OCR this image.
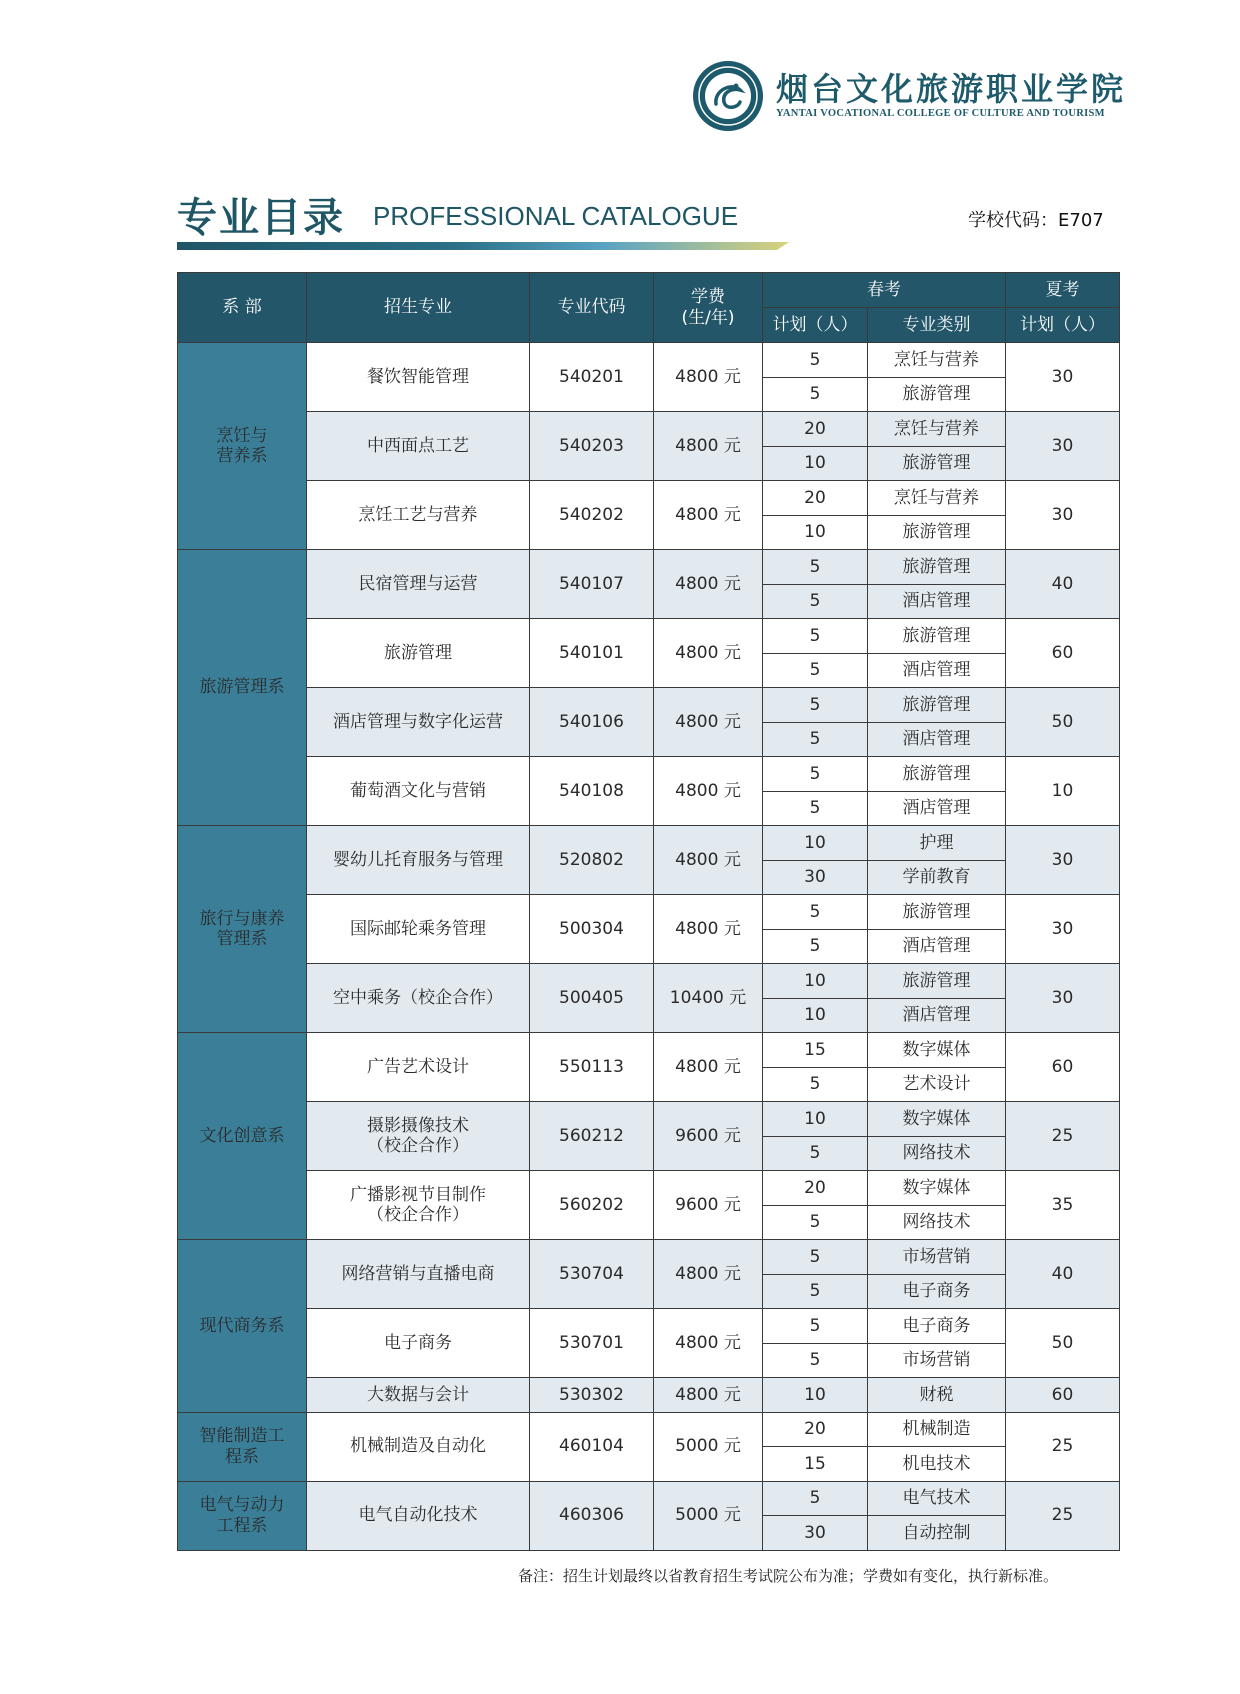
烟台文化旅游职业学院
YANTAI VOCATIONAL COLLEGE OF CULTURE AND TOURISM
专业目录 PROFESSIONAL CATALOGUE	学校代码：E707
系 部	招生专业	专业代码	学费
(生/年)	春考		夏考
				计划（人）	专业类别	计划（人）
烹饪与
营养系	餐饮智能管理	540201	4800 元	5	烹饪与营养	30
				5	旅游管理	
	中西面点工艺	540203	4800 元	20	烹饪与营养	30
				10	旅游管理	
	烹饪工艺与营养	540202	4800 元	20	烹饪与营养	30
				10	旅游管理	
旅游管理系	民宿管理与运营	540107	4800 元	5	旅游管理	40
				5	酒店管理	
	旅游管理	540101	4800 元	5	旅游管理	60
				5	酒店管理	
	酒店管理与数字化运营	540106	4800 元	5	旅游管理	50
				5	酒店管理	
	葡萄酒文化与营销	540108	4800 元	5	旅游管理	10
				5	酒店管理	
旅行与康养
管理系	婴幼儿托育服务与管理	520802	4800 元	10	护理	30
				30	学前教育	
	国际邮轮乘务管理	500304	4800 元	5	旅游管理	30
				5	酒店管理	
	空中乘务（校企合作）	500405	10400 元	10	旅游管理	30
				10	酒店管理	
文化创意系	广告艺术设计	550113	4800 元	15	数字媒体	60
				5	艺术设计	
	摄影摄像技术
（校企合作）	560212	9600 元	10	数字媒体	25
				5	网络技术	
	广播影视节目制作
（校企合作）	560202	9600 元	20	数字媒体	35
				5	网络技术	
现代商务系	网络营销与直播电商	530704	4800 元	5	市场营销	40
				5	电子商务	
	电子商务	530701	4800 元	5	电子商务	50
				5	市场营销	
	大数据与会计	530302	4800 元	10	财税	60
智能制造工
程系	机械制造及自动化	460104	5000 元	20	机械制造	25
				15	机电技术	
电气与动力
工程系	电气自动化技术	460306	5000 元	5	电气技术	25
				30	自动控制	
备注：招生计划最终以省教育招生考试院公布为准；学费如有变化，执行新标准。
